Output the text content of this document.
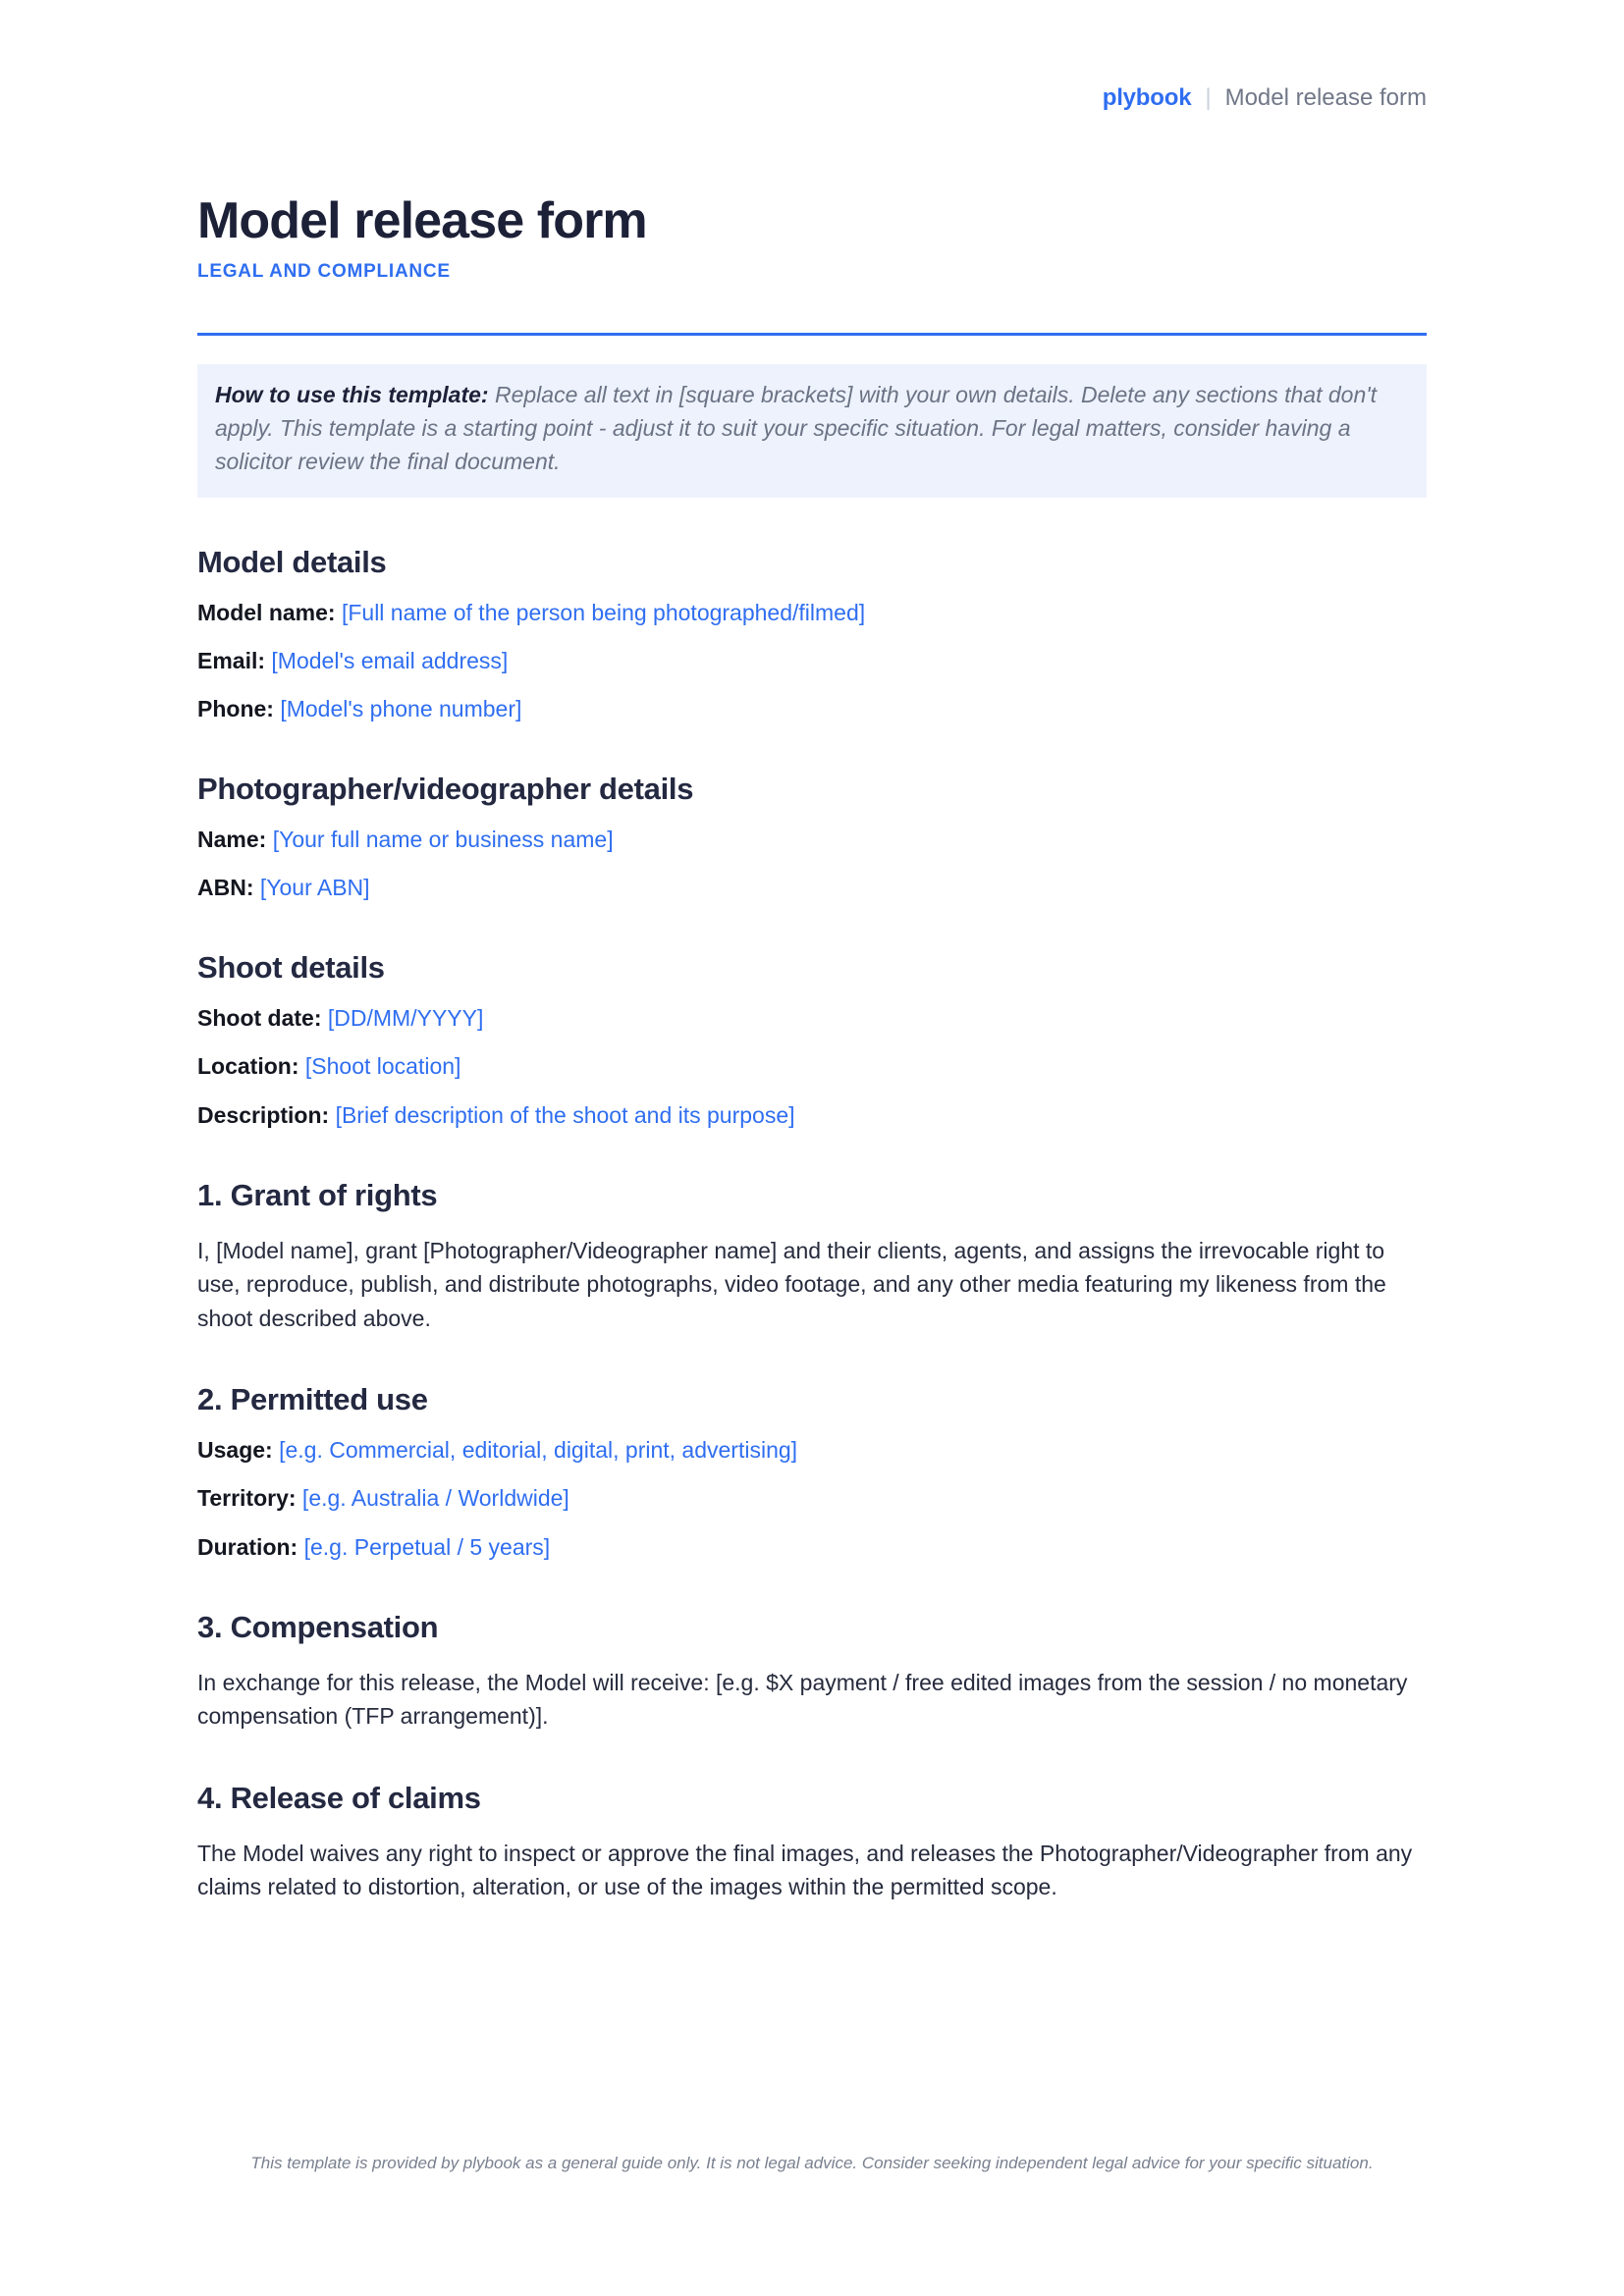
plybook | Model release form
Model release form
LEGAL AND COMPLIANCE
How to use this template: Replace all text in [square brackets] with your own details. Delete any sections that don't apply. This template is a starting point - adjust it to suit your specific situation. For legal matters, consider having a solicitor review the final document.
Model details

Model name: [Full name of the person being photographed/filmed]

Email: [Model's email address]

Phone: [Model's phone number]

Photographer/videographer details

Name: [Your full name or business name]

ABN: [Your ABN]

Shoot details

Shoot date: [DD/MM/YYYY]

Location: [Shoot location]

Description: [Brief description of the shoot and its purpose]

1. Grant of rights

I, [Model name], grant [Photographer/Videographer name] and their clients, agents, and assigns the irrevocable right to use, reproduce, publish, and distribute photographs, video footage, and any other media featuring my likeness from the shoot described above.

2. Permitted use

Usage: [e.g. Commercial, editorial, digital, print, advertising]

Territory: [e.g. Australia / Worldwide]

Duration: [e.g. Perpetual / 5 years]

3. Compensation

In exchange for this release, the Model will receive: [e.g. $X payment / free edited images from the session / no monetary compensation (TFP arrangement)].

4. Release of claims

The Model waives any right to inspect or approve the final images, and releases the Photographer/Videographer from any claims related to distortion, alteration, or use of the images within the permitted scope.

This template is provided by plybook as a general guide only. It is not legal advice. Consider seeking independent legal advice for your specific situation.
